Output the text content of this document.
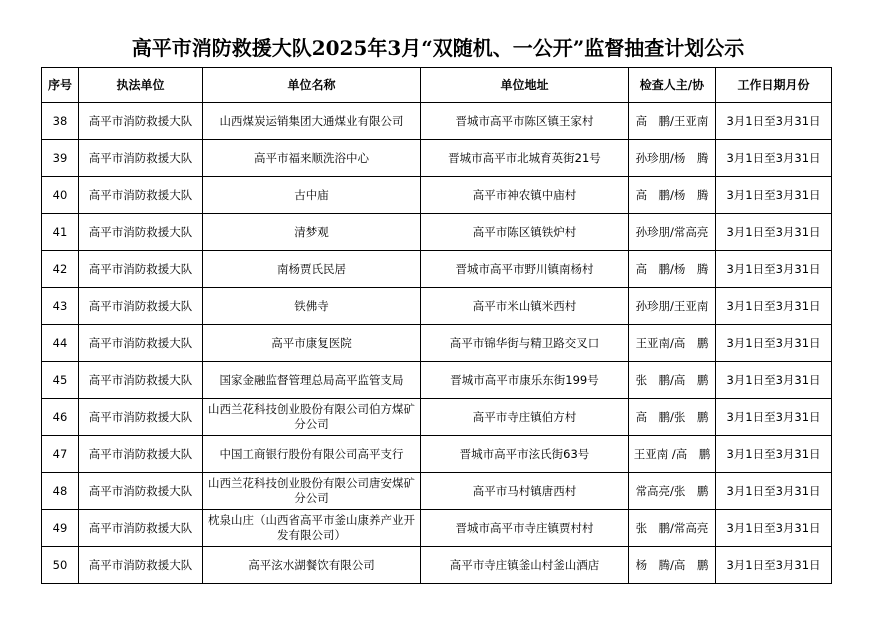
高平市消防救援大队2025年3月“双随机、一公开”监督抽查计划公示
序号	执法单位	单位名称	单位地址	检查人主/协	工作日期月份
38	高平市消防救援大队	山西煤炭运销集团大通煤业有限公司	晋城市高平市陈区镇王家村	高　鹏/王亚南	3月1日至3月31日
39	高平市消防救援大队	高平市福来顺洗浴中心	晋城市高平市北城育英街21号	孙珍朋/杨　腾	3月1日至3月31日
40	高平市消防救援大队	古中庙	高平市神农镇中庙村	高　鹏/杨　腾	3月1日至3月31日
41	高平市消防救援大队	清梦观	高平市陈区镇铁炉村	孙珍朋/常高亮	3月1日至3月31日
42	高平市消防救援大队	南杨贾氏民居	晋城市高平市野川镇南杨村	高　鹏/杨　腾	3月1日至3月31日
43	高平市消防救援大队	铁佛寺	高平市米山镇米西村	孙珍朋/王亚南	3月1日至3月31日
44	高平市消防救援大队	高平市康复医院	高平市锦华街与精卫路交叉口	王亚南/高　鹏	3月1日至3月31日
45	高平市消防救援大队	国家金融监督管理总局高平监管支局	晋城市高平市康乐东街199号	张　鹏/高　鹏	3月1日至3月31日
46	高平市消防救援大队	山西兰花科技创业股份有限公司伯方煤矿分公司	高平市寺庄镇伯方村	高　鹏/张　鹏	3月1日至3月31日
47	高平市消防救援大队	中国工商银行股份有限公司高平支行	晋城市高平市泫氏街63号	王亚南 /高　鹏	3月1日至3月31日
48	高平市消防救援大队	山西兰花科技创业股份有限公司唐安煤矿分公司	高平市马村镇唐西村	常高亮/张　鹏	3月1日至3月31日
49	高平市消防救援大队	枕泉山庄（山西省高平市釜山康养产业开发有限公司）	晋城市高平市寺庄镇贾村村	张　鹏/常高亮	3月1日至3月31日
50	高平市消防救援大队	高平泫水湖餐饮有限公司	高平市寺庄镇釜山村釜山酒店	杨　腾/高　鹏	3月1日至3月31日
